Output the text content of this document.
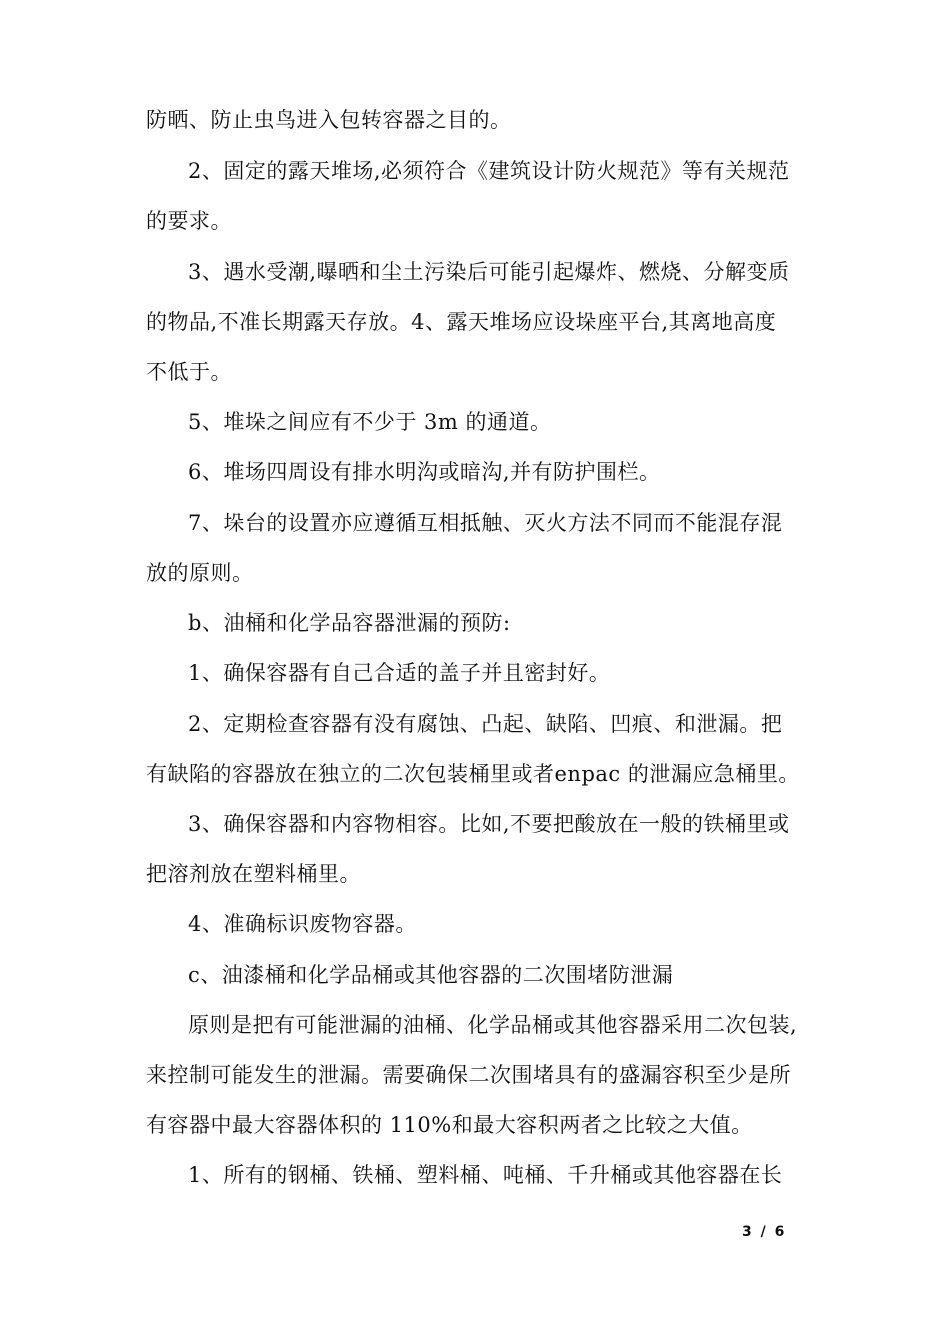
防晒、防止虫鸟进入包转容器之目的。
2、固定的露天堆场,必须符合《建筑设计防火规范》等有关规范
的要求。
3、遇水受潮,曝晒和尘土污染后可能引起爆炸、燃烧、分解变质
的物品,不准长期露天存放。4、露天堆场应设垛座平台,其离地高度
不低于。
5、堆垛之间应有不少于 3m 的通道。
6、堆场四周设有排水明沟或暗沟,并有防护围栏。
7、垛台的设置亦应遵循互相抵触、灭火方法不同而不能混存混
放的原则。
b、油桶和化学品容器泄漏的预防:
1、确保容器有自己合适的盖子并且密封好。
2、定期检查容器有没有腐蚀、凸起、缺陷、凹痕、和泄漏。把
有缺陷的容器放在独立的二次包装桶里或者enpac 的泄漏应急桶里。
3、确保容器和内容物相容。比如,不要把酸放在一般的铁桶里或
把溶剂放在塑料桶里。
4、准确标识废物容器。
c、油漆桶和化学品桶或其他容器的二次围堵防泄漏
原则是把有可能泄漏的油桶、化学品桶或其他容器采用二次包装,
来控制可能发生的泄漏。需要确保二次围堵具有的盛漏容积至少是所
有容器中最大容器体积的 110%和最大容积两者之比较之大值。
1、所有的钢桶、铁桶、塑料桶、吨桶、千升桶或其他容器在长
3 / 6
